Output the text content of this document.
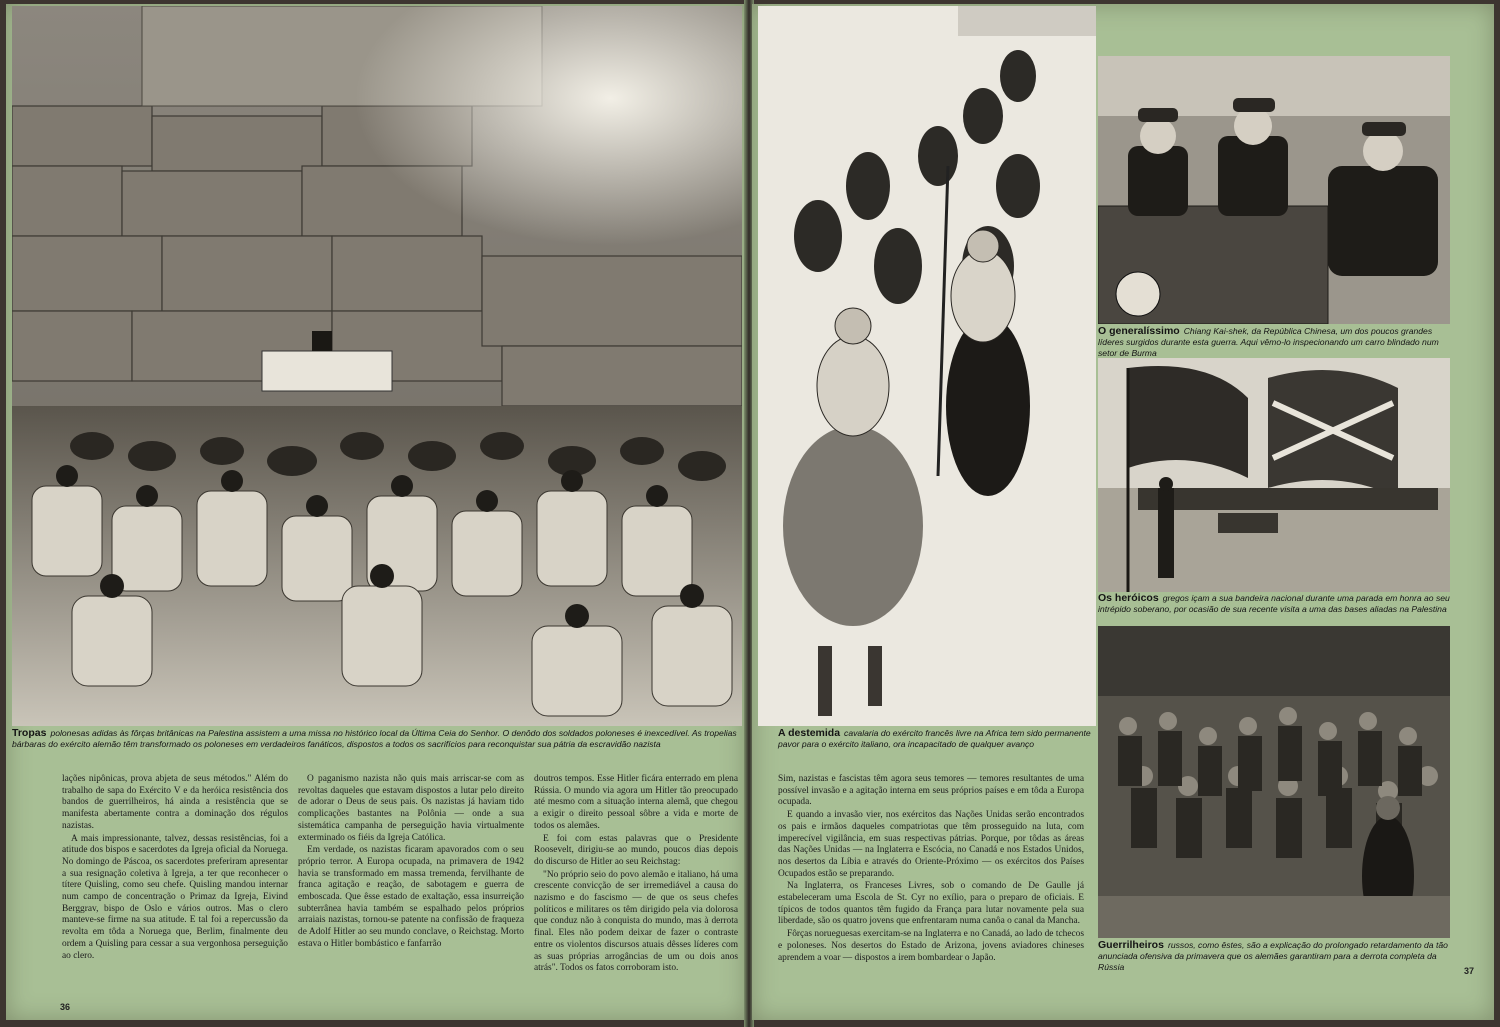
Tropas polonesas adidas às fôrças britânicas na Palestina assistem a uma missa no histórico local da Última Ceia do Senhor. O denôdo dos soldados poloneses é inexcedível. As tropelias bárbaras do exército alemão têm transformado os poloneses em verdadeiros fanáticos, dispostos a todos os sacrifícios para reconquistar sua pátria da escravidão nazista

lações nipônicas, prova abjeta de seus métodos." Além do trabalho de sapa do Exército V e da heróica resistência dos bandos de guerrilheiros, há ainda a resistência que se manifesta abertamente contra a dominação dos régulos nazistas.

A mais impressionante, talvez, dessas resistências, foi a atitude dos bispos e sacerdotes da Igreja oficial da Noruega. No domingo de Páscoa, os sacerdotes preferiram apresentar a sua resignação coletiva à Igreja, a ter que reconhecer o títere Quisling, como seu chefe. Quisling mandou internar num campo de concentração o Primaz da Igreja, Eivind Berggrav, bispo de Oslo e vários outros. Mas o clero manteve-se firme na sua atitude. E tal foi a repercussão da revolta em tôda a Noruega que, Berlim, finalmente deu ordem a Quisling para cessar a sua vergonhosa perseguição ao clero.

O paganismo nazista não quis mais arriscar-se com as revoltas daqueles que estavam dispostos a lutar pelo direito de adorar o Deus de seus pais. Os nazistas já haviam tido complicações bastantes na Polônia — onde a sua sistemática campanha de perseguição havia virtualmente exterminado os fiéis da Igreja Católica.

Em verdade, os nazistas ficaram apavorados com o seu próprio terror. A Europa ocupada, na primavera de 1942 havia se transformado em massa tremenda, fervilhante de franca agitação e reação, de sabotagem e guerra de emboscada. Que êsse estado de exaltação, essa insurreição subterrânea havia também se espalhado pelos próprios arraiais nazistas, tornou-se patente na confissão de fraqueza de Adolf Hitler ao seu mundo conclave, o Reichstag. Morto estava o Hitler bombástico e fanfarrão

doutros tempos. Esse Hitler ficára enterrado em plena Rússia. O mundo via agora um Hitler tão preocupado até mesmo com a situação interna alemã, que chegou a exigir o direito pessoal sôbre a vida e morte de todos os alemães.

E foi com estas palavras que o Presidente Roosevelt, dirigiu-se ao mundo, poucos dias depois do discurso de Hitler ao seu Reichstag:

"No próprio seio do povo alemão e italiano, há uma crescente convicção de ser irremediável a causa do nazismo e do fascismo — de que os seus chefes políticos e militares os têm dirigido pela via dolorosa que conduz não à conquista do mundo, mas à derrota final. Eles não podem deixar de fazer o contraste entre os violentos discursos atuais dêsses líderes com as suas próprias arrogâncias de um ou dois anos atrás". Todos os fatos corroboram isto.

36
A destemida cavalaria do exército francês livre na Africa tem sido permanente pavor para o exército italiano, ora incapacitado de qualquer avanço
O generalíssimo Chiang Kai-shek, da República Chinesa, um dos poucos grandes líderes surgidos durante esta guerra. Aqui vêmo-lo inspecionando um carro blindado num setor de Burma
Os heróicos gregos içam a sua bandeira nacional durante uma parada em honra ao seu intrépido soberano, por ocasião de sua recente visita a uma das bases aliadas na Palestina
Guerrilheiros russos, como êstes, são a explicação do prolongado retardamento da tão anunciada ofensiva da primavera que os alemães garantiram para a derrota completa da Rússia

Sim, nazistas e fascistas têm agora seus temores — temores resultantes de uma possível invasão e a agitação interna em seus próprios países e em tôda a Europa ocupada.

E quando a invasão vier, nos exércitos das Nações Unidas serão encontrados os pais e irmãos daqueles compatriotas que têm prosseguido na luta, com imperecível vigilância, em suas respectivas pátrias. Porque, por tôdas as áreas das Nações Unidas — na Inglaterra e Escócia, no Canadá e nos Estados Unidos, nos desertos da Líbia e através do Oriente-Próximo — os exércitos dos Países Ocupados estão se preparando.

Na Inglaterra, os Franceses Livres, sob o comando de De Gaulle já estabeleceram uma Escola de St. Cyr no exílio, para o preparo de oficiais. E típicos de todos quantos têm fugido da França para lutar novamente pela sua liberdade, são os quatro jovens que enfrentaram numa canôa o canal da Mancha.

Fôrças norueguesas exercitam-se na Inglaterra e no Canadá, ao lado de tchecos e poloneses. Nos desertos do Estado de Arizona, jovens aviadores chineses aprendem a voar — dispostos a irem bombardear o Japão.

37
